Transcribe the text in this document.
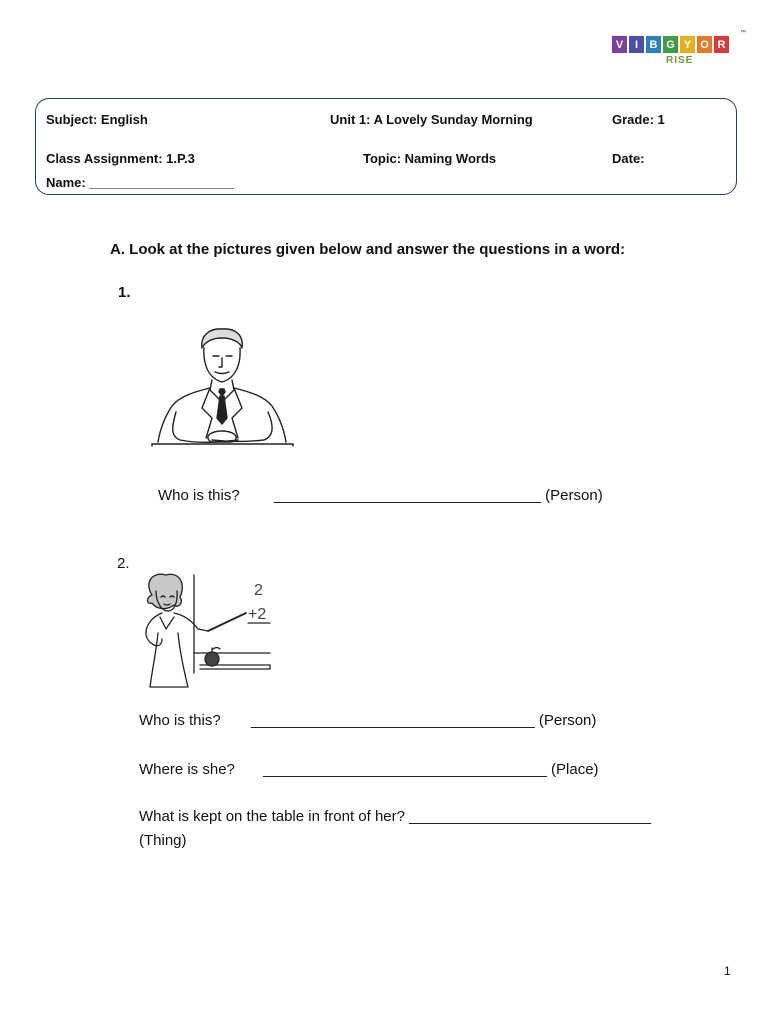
V	I	B G Y O R
™
RISE
Subject: English	Unit 1: A Lovely Sunday Morning	Grade: 1
Class Assignment: 1.P.3	Topic: Naming Words	Date:
Name: ____________________
A. Look at the pictures given below and answer the questions in a word:
1.
Who is this? ________________________________ (Person)
2.
2
+2
Who is this? __________________________________ (Person)
Where is she? __________________________________ (Place)
What is kept on the table in front of her? _____________________________
(Thing)
1
